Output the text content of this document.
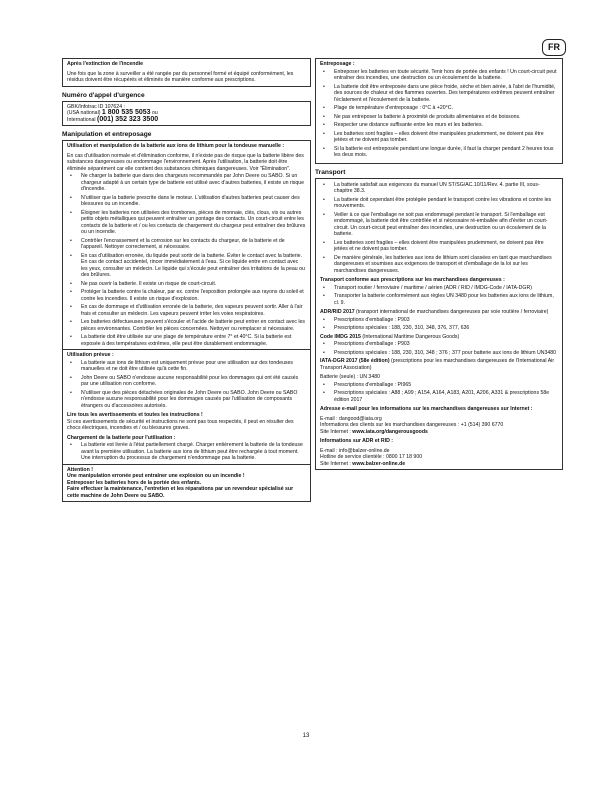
FR

Après l'extinction de l'incendie

Une fois que la zone à surveiller a été rangée par du personnel formé et équipé conformément, les résidus doivent être récupérés et éliminés de manière conforme aux prescriptions.

Numéro d'appel d'urgence

GBK/Infotrac ID 107624 :

(USA national) 1 800 535 5053 ou

International (001) 352 323 3500

Manipulation et entreposage

Utilisation et manipulation de la batterie aux ions de lithium pour la tondeuse manuelle :

En cas d'utilisation normale et d'élimination conforme, il n'existe pas de risque que la batterie libère des substances dangereuses ou endommage l'environnement. Après l'utilisation, la batterie doit être éliminée séparément car elle contient des substances chimiques dangereuses. Voir "Élimination".

• Ne charger la batterie que dans des chargeurs recommandés par John Deere ou SABO. Si un chargeur adapté à un certain type de batterie est utilisé avec d'autres batteries, il existe un risque d'incendie.
• N'utiliser que la batterie prescrite dans le moteur. L'utilisation d'autres batteries peut causer des blessures ou un incendie.
• Éloigner les batteries non utilisées des trombones, pièces de monnaie, clés, clous, vis ou autres petits objets métalliques qui peuvent entraîner un pontage des contacts. Un court-circuit entre les contacts de la batterie et / ou les contacts de chargement du chargeur peut entraîner des brûlures ou un incendie.
• Contrôler l'encrassement et la corrosion sur les contacts du chargeur, de la batterie et de l'appareil. Nettoyer correctement, si nécessaire.
• En cas d'utilisation erronée, du liquide peut sortir de la batterie. Éviter le contact avec la batterie. En cas de contact accidentel, rincer immédiatement à l'eau. Si ce liquide entre en contact avec les yeux, consulter un médecin. Le liquide qui s'écoule peut entraîner des irritations de la peau ou des brûlures.
• Ne pas ouvrir la batterie. Il existe un risque de court-circuit.
• Protéger la batterie contre la chaleur, par ex. contre l'exposition prolongée aux rayons du soleil et contre les incendies. Il existe un risque d'explosion.
• En cas de dommage et d'utilisation erronée de la batterie, des vapeurs peuvent sortir. Aller à l'air frais et consulter un médecin. Les vapeurs peuvent irriter les voies respiratoires.
• Les batteries défectueuses peuvent s'écouler et l'acide de batterie peut entrer en contact avec les pièces environnantes. Contrôler les pièces concernées. Nettoyer ou remplacer si nécessaire.
• La batterie doit être utilisée sur une plage de température entre 7° et 40°C. Si la batterie est exposée à des températures extrêmes, elle peut être durablement endommagée.

Utilisation prévue :

• La batterie aux ions de lithium est uniquement prévue pour une utilisation sur des tondeuses manuelles et ne doit être utilisée qu'à cette fin.
• John Deere ou SABO n'endosse aucune responsabilité pour les dommages qui ont été causés par une utilisation non conforme.
• N'utiliser que des pièces détachées originales de John Deere ou SABO. John Deere ou SABO n'endosse aucune responsabilité pour les dommages causés par l'utilisation de composants étrangers ou d'accessoires autorisés.

Lire tous les avertissements et toutes les instructions !

Si ces avertissements de sécurité et instructions ne sont pas tous respectés, il peut en résulter des chocs électriques, incendies et / ou blessures graves.

Chargement de la batterie pour l'utilisation :

• La batterie est livrée à l'état partiellement chargé. Charger entièrement la batterie de la tondeuse avant la première utilisation. La batterie aux ions de lithium peut être rechargée à tout moment. Une interruption du processus de chargement n'endommage pas la batterie.

Attention !

Une manipulation erronée peut entraîner une explosion ou un incendie !

Entreposer les batteries hors de la portée des enfants.

Faire effectuer la maintenance, l'entretien et les réparations par un revendeur spécialisé sur cette machine de John Deere ou SABO.

Entreposage :

• Entreposer les batteries en toute sécurité. Tenir hors de portée des enfants ! Un court-circuit peut entraîner des incendies, une destruction ou un écoulement de la batterie.
• La batterie doit être entreposée dans une pièce froide, sèche et bien aérée, à l'abri de l'humidité, des sources de chaleur et des flammes ouvertes. Des températures extrêmes peuvent entraîner l'éclatement et l'écoulement de la batterie.
• Plage de température d'entreposage : 0°C à +20°C.
• Ne pas entreposer la batterie à proximité de produits alimentaires et de boissons.
• Respecter une distance suffisante entre les murs et les batteries.
• Les batteries sont fragiles – elles doivent être manipulées prudemment, ne doivent pas être jetées et ne doivent pas tomber.
• Si la batterie est entreposée pendant une longue durée, il faut la charger pendant 2 heures tous les deux mois.
Transport
• La batterie satisfait aux exigences du manuel UN ST/SG/AC.10/11/Rev. 4. partie III, sous-chapitre 38.3.
• La batterie doit cependant être protégée pendant le transport contre les vibrations et contre les mouvements.
• Veiller à ce que l'emballage ne soit pas endommagé pendant le transport. Si l'emballage est endommagé, la batterie doit être contrôlée et si nécessaire ré-emballée afin d'éviter un court-circuit. Un court-circuit peut entraîner des incendies, une destruction ou un écoulement de la batterie.
• Les batteries sont fragiles – elles doivent être manipulées prudemment, ne doivent pas être jetées et ne doivent pas tomber.
• De manière générale, les batteries aux ions de lithium sont classées en tant que marchandises dangereuses et soumises aux exigences de transport et d'emballage de la loi sur les marchandises dangereuses.

Transport conforme aux prescriptions sur les marchandises dangereuses :

• Transport routier / ferroviaire / maritime / aérien (ADR / RID / IMDG-Code / IATA-DGR)
• Transporter la batterie conformément aux règles UN 3480 pour les batteries aux ions de lithium, cl. 9.

ADR/RID 2017 (transport international de marchandises dangereuses par voie routière / ferroviaire)

• Prescriptions d'emballage : P903
• Prescriptions spéciales : 188, 230, 310, 348, 376, 377, 636

Code IMDG 2015 (International Maritime Dangerous Goods)

• Prescriptions d'emballage : P903
• Prescriptions spéciales : 188, 230, 310, 348 ; 376 ; 377 pour batterie aux ions de lithium UN3480

IATA-DGR 2017 (58e édition) (prescriptions pour les marchandises dangereuses de l'International Air Transport Association)

Batterie (seule) : UN 3480

• Prescriptions d'emballage : PI965
• Prescriptions spéciales : A88 ; A99 ; A154, A164, A183, A201, A206, A331 & prescriptions 58e édition 2017

Adresse e-mail pour les informations sur les marchandises dangereuses sur Internet :

E-mail : dangood@iata.org

Informations des clients sur les marchandises dangereuses : +1 (514) 390 6770

Site Internet : www.iata.org/dangerousgoods

Informations sur ADR et RID :

E-mail : info@balzer-online.de

Hotline de service clientèle : 0800 17 18 900

Site Internet : www.balzer-online.de

13
